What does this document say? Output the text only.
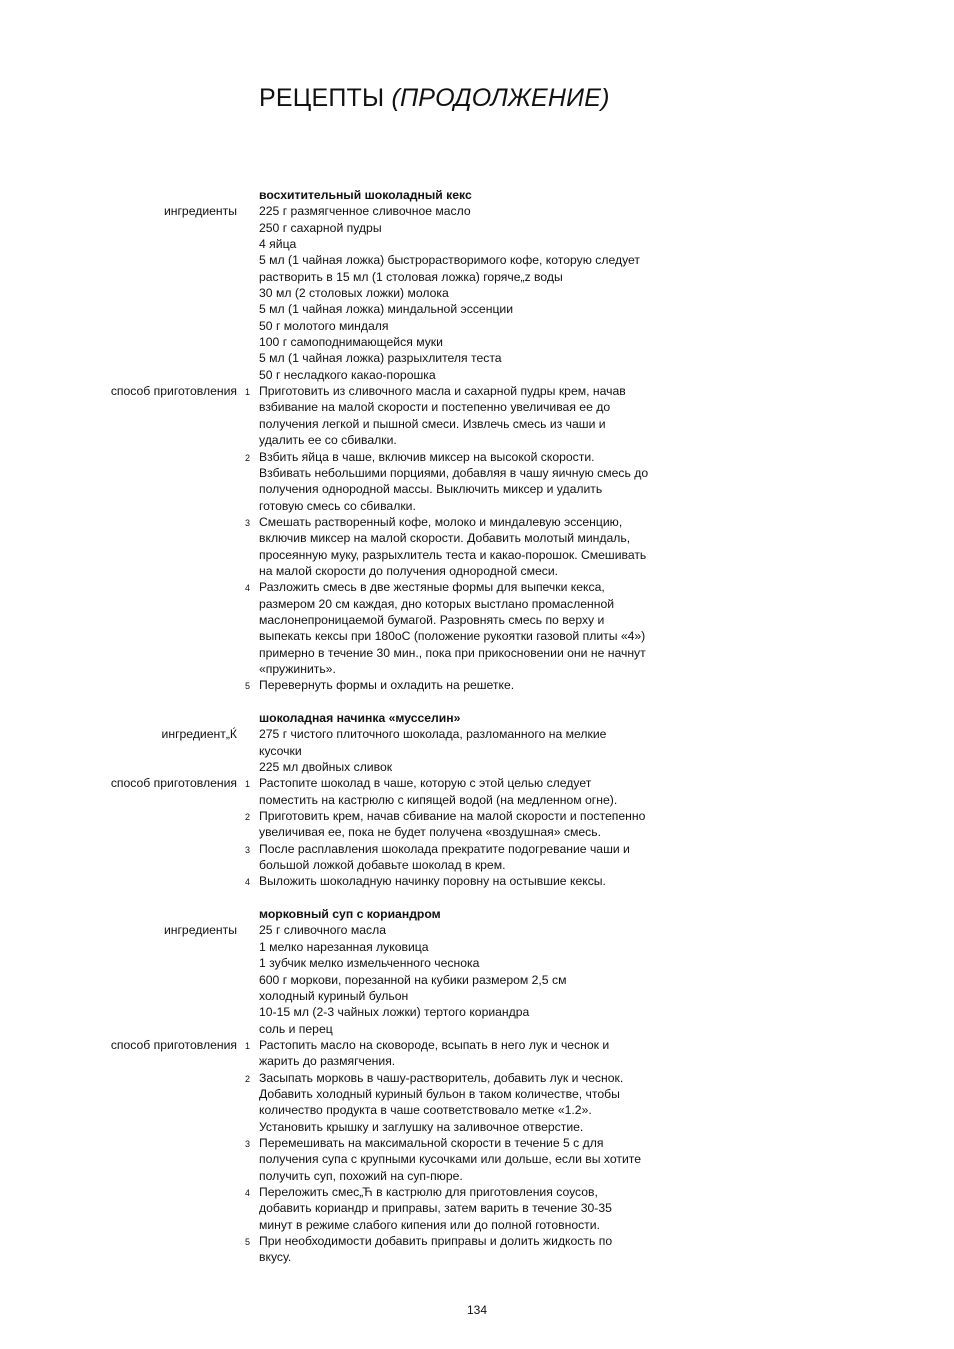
РЕЦЕПТЫ (ПРОДОЛЖЕНИЕ)
восхитительный шоколадный кекс
ингредиенты 225 г размягченное сливочное масло
250 г сахарной пудры
4 яйца
5 мл (1 чайная ложка) быстрорастворимого кофе, которую следует
растворить в 15 мл (1 столовая ложка) горяче„z воды
30 мл (2 столовых ложки) молока
5 мл (1 чайная ложка) миндальной эссенции
50 г молотого миндаля
100 г самоподнимающейся муки
5 мл (1 чайная ложка) разрыхлителя теста
50 г несладкого какао-порошка
способ приготовления 1 Приготовить из сливочного масла и сахарной пудры крем, начав
взбивание на малой скорости и постепенно увеличивая ее до
получения легкой и пышной смеси. Извлечь смесь из чаши и
удалить ее со сбивалки.
2 Взбить яйца в чаше, включив миксер на высокой скорости.
Взбивать небольшими порциями, добавляя в чашу яичную смесь до
получения однородной массы. Выключить миксер и удалить
готовую смесь со сбивалки.
3 Смешать растворенный кофе, молоко и миндалевую эссенцию,
включив миксер на малой скорости. Добавить молотый миндаль,
просеянную муку, разрыхлитель теста и какао-порошок. Смешивать
на малой скорости до получения однородной смеси.
4 Разложить смесь в две жестяные формы для выпечки кекса,
размером 20 см каждая, дно которых выстлано промасленной
маслонепроницаемой бумагой. Разровнять смесь по верху и
выпекать кексы при 180оС (положение рукоятки газовой плиты «4»)
примерно в течение 30 мин., пока при прикосновении они не начнут
«пружинить».
5 Перевернуть формы и охладить на решетке.
шоколадная начинка «мусселин»
ингредиент„Ќ 275 г чистого плиточного шоколада, разломанного на мелкие
кусочки
225 мл двойных сливок
способ приготовления 1 Растопите шоколад в чаше, которую с этой целью следует
поместить на кастрюлю с кипящей водой (на медленном огне).
2 Приготовить крем, начав сбивание на малой скорости и постепенно
увеличивая ее, пока не будет получена «воздушная» смесь.
3 После расплавления шоколада прекратите подогревание чаши и
большой ложкой добавьте шоколад в крем.
4 Выложить шоколадную начинку поровну на остывшие кексы.
морковный суп с кориандром
ингредиенты 25 г сливочного масла
1 мелко нарезанная луковица
1 зубчик мелко измельченного чеснока
600 г моркови, порезанной на кубики размером 2,5 см
холодный куриный бульон
10-15 мл (2-3 чайных ложки) тертого кориандра
соль и перец
способ приготовления 1 Растопить масло на сковороде, всыпать в него лук и чеснок и
жарить до размягчения.
2 Засыпать морковь в чашу-растворитель, добавить лук и чеснок.
Добавить холодный куриный бульон в таком количестве, чтобы
количество продукта в чаше соответствовало метке «1.2».
Установить крышку и заглушку на заливочное отверстие.
3 Перемешивать на максимальной скорости в течение 5 с для
получения супа с крупными кусочками или дольше, если вы хотите
получить суп, похожий на суп-пюре.
4 Переложить смес„Ћ в кастрюлю для приготовления соусов,
добавить кориандр и приправы, затем варить в течение 30-35
минут в режиме слабого кипения или до полной готовности.
5 При необходимости добавить приправы и долить жидкость по
вкусу.
134
